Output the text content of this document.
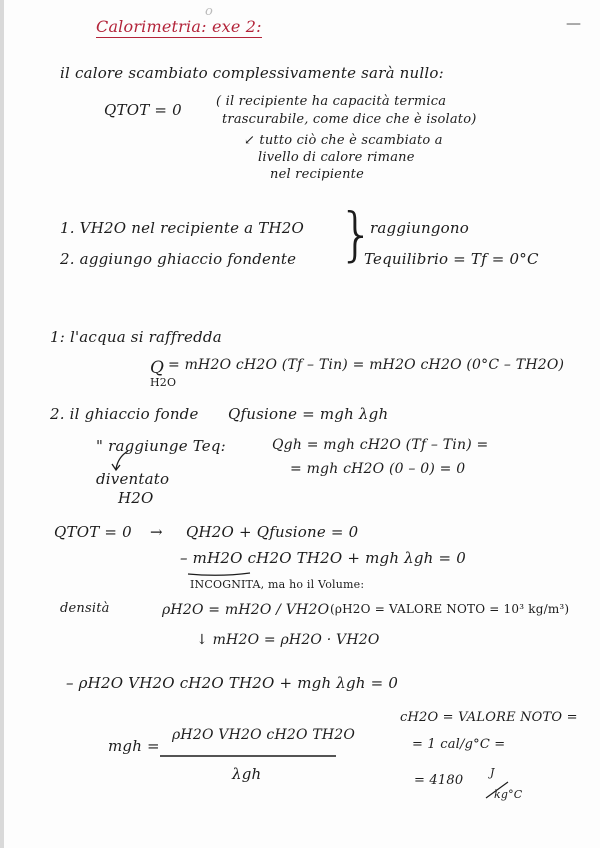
o
Calorimetria: exe 2:	—
il calore scambiato complessivamente sarà nullo:
QTOT = 0	( il recipiente ha capacità termica
trascurabile, come dice che è isolato)
↙ tutto ciò che è scambiato a
livello di calore rimane
nel recipiente
1. VH2O nel recipiente a TH2O
2. aggiungo ghiaccio fondente }
raggiungono
Tequilibrio = Tf = 0°C
1: l'acqua si raffredda
Q
H2O
= mH2O cH2O (Tf – Tin) = mH2O cH2O (0°C – TH2O)
2. il ghiaccio fonde Qfusione = mgh λgh
" raggiunge Teq:	Qgh = mgh cH2O (Tf – Tin) =
= mgh cH2O (0 – 0) = 0
diventato
H2O
QTOT = 0 → QH2O + Qfusione = 0
– mH2O cH2O TH2O + mgh λgh = 0
INCOGNITA, ma ho il Volume:
densità	ρH2O = mH2O / VH2O (ρH2O = VALORE NOTO = 10³ kg/m³)
↓ mH2O = ρH2O · VH2O
– ρH2O VH2O cH2O TH2O + mgh λgh = 0
mgh =
ρH2O VH2O cH2O TH2O
λgh
cH2O = VALORE NOTO =
= 1 cal/g°C =
= 4180
J
kg°C
